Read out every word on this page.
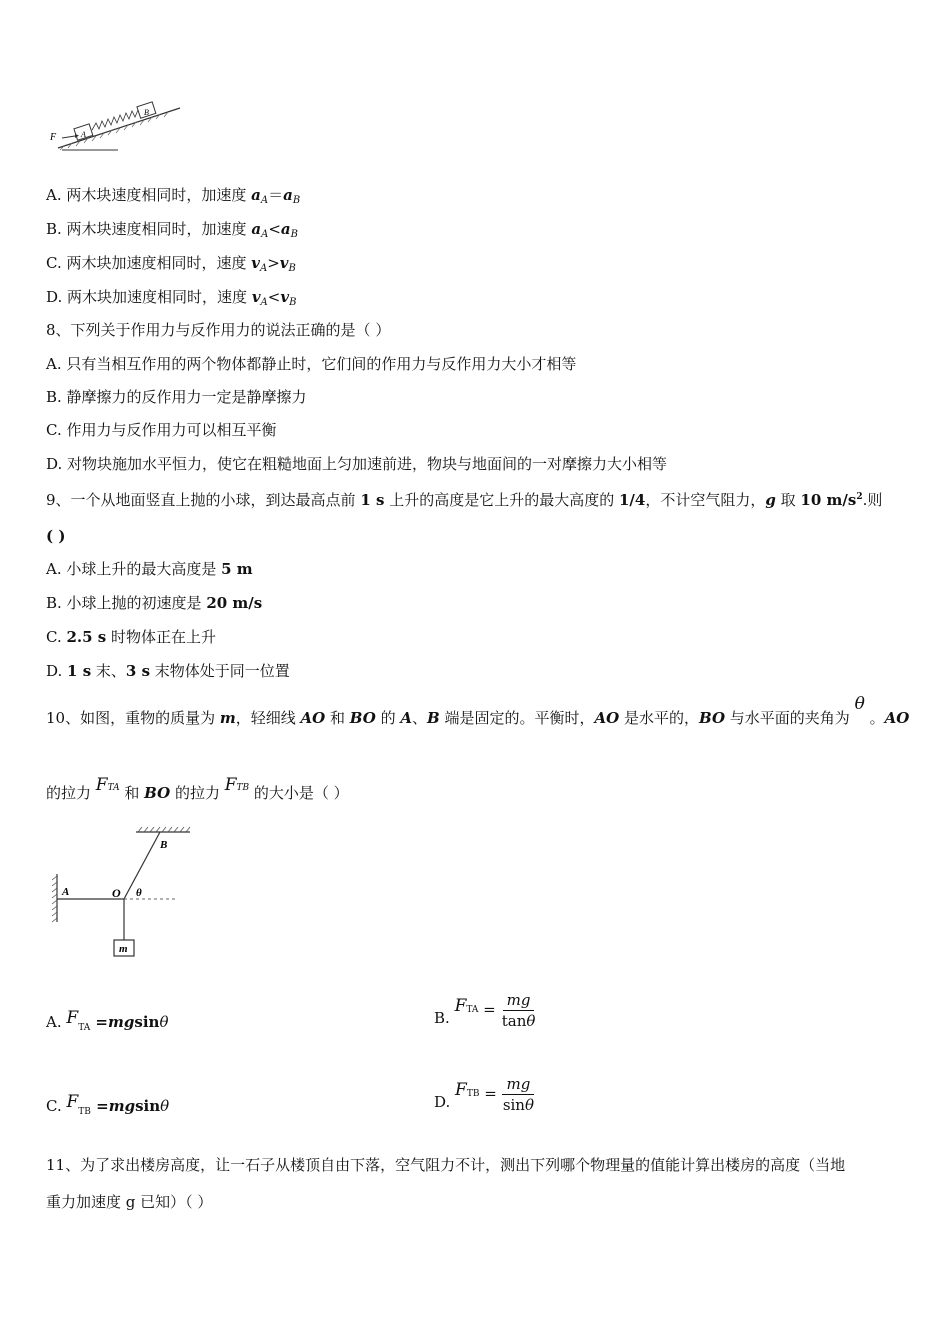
F	A
B
A. 两木块速度相同时，加速度 $a_A=a_B$
B. 两木块速度相同时，加速度 $a_A<a_B$
C. 两木块加速度相同时，速度 $v_A>v_B$
D. 两木块加速度相同时，速度 $v_A<v_B$
8、下列关于作用力与反作用力的说法正确的是（ ）
A. 只有当相互作用的两个物体都静止时，它们间的作用力与反作用力大小才相等
B. 静摩擦力的反作用力一定是静摩擦力
C. 作用力与反作用力可以相互平衡
D. 对物块施加水平恒力，使它在粗糙地面上匀加速前进，物块与地面间的一对摩擦力大小相等
9、一个从地面竖直上抛的小球，到达最高点前 1 s 上升的高度是它上升的最大高度的 1/4，不计空气阻力，g 取 10 $m/s^2$.则
( )
A. 小球上升的最大高度是 5 m
B. 小球上抛的初速度是 20 m/s
C. 2.5 s 时物体正在上升
D. 1 s 末、3 s 末物体处于同一位置
10、如图，重物的质量为 m，轻细线 AO 和 BO 的 A、B 端是固定的。平衡时，AO 是水平的，BO 与水平面的夹角为 θ 。AO
的拉力 $F_{TA}$ 和 BO 的拉力 $F_{TB}$ 的大小是（ ）
A	O
B
θ
m
A. $F_{TA} =mgsin\theta$	B. $F_{TA} = \frac{mg}{\tan\theta}$
C. $F_{TB} =mgsin\theta$	D. $F_{TB} = \frac{mg}{\sin\theta}$
11、为了求出楼房高度，让一石子从楼顶自由下落，空气阻力不计，测出下列哪个物理量的值能计算出楼房的高度（当地
重力加速度 g 已知）（ ）
